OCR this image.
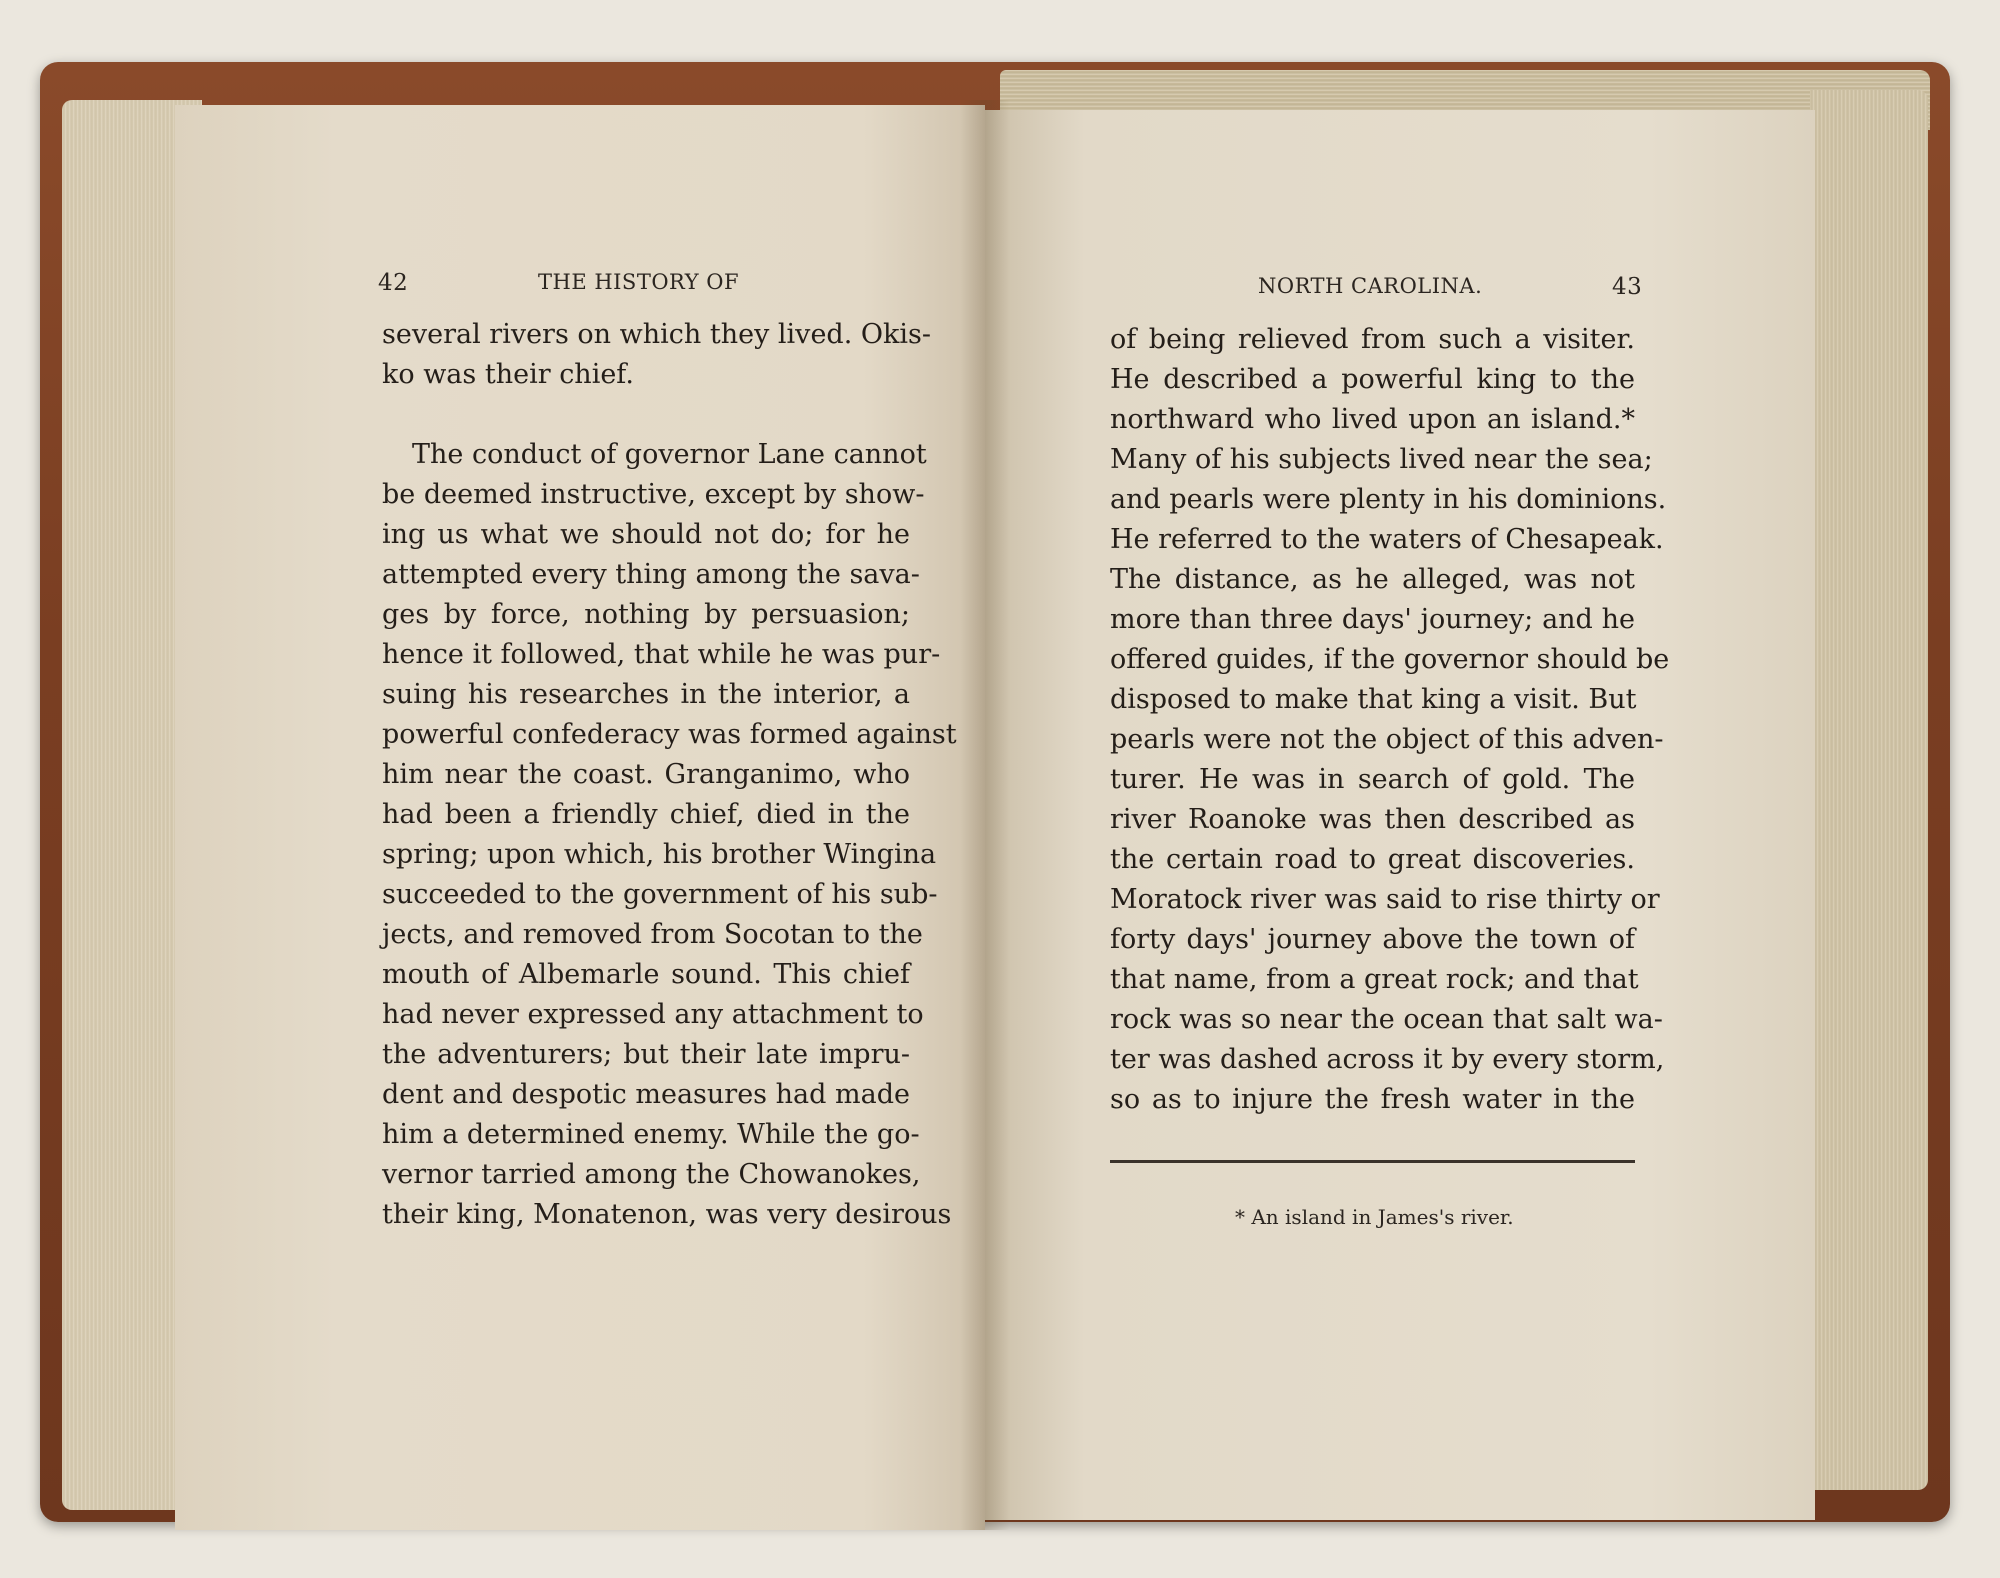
42	THE HISTORY OF	NORTH CAROLINA.	43
several rivers on which they lived. Okis-
ko was their chief.
The conduct of governor Lane cannot
be deemed instructive, except by show-
ing us what we should not do; for he
attempted every thing among the sava-
ges by force, nothing by persuasion;
hence it followed, that while he was pur-
suing his researches in the interior, a
powerful confederacy was formed against
him near the coast. Granganimo, who
had been a friendly chief, died in the
spring; upon which, his brother Wingina
succeeded to the government of his sub-
jects, and removed from Socotan to the
mouth of Albemarle sound. This chief
had never expressed any attachment to
the adventurers; but their late impru-
dent and despotic measures had made
him a determined enemy. While the go-
vernor tarried among the Chowanokes,
their king, Monatenon, was very desirous
of being relieved from such a visiter.
He described a powerful king to the
northward who lived upon an island.*
Many of his subjects lived near the sea;
and pearls were plenty in his dominions.
He referred to the waters of Chesapeak.
The distance, as he alleged, was not
more than three days' journey; and he
offered guides, if the governor should be
disposed to make that king a visit. But
pearls were not the object of this adven-
turer. He was in search of gold. The
river Roanoke was then described as
the certain road to great discoveries.
Moratock river was said to rise thirty or
forty days' journey above the town of
that name, from a great rock; and that
rock was so near the ocean that salt wa-
ter was dashed across it by every storm,
so as to injure the fresh water in the
* An island in James's river.
